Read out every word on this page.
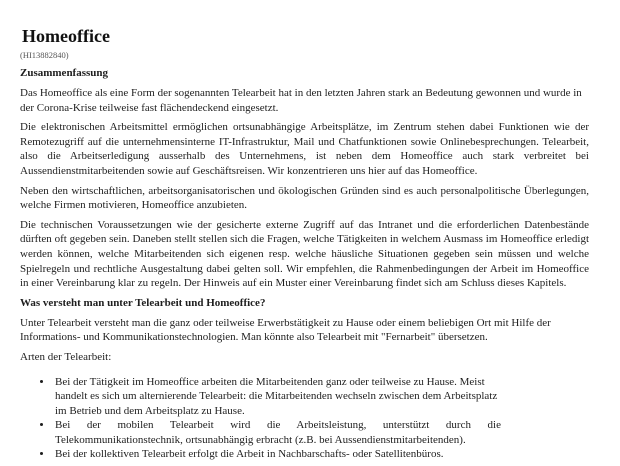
Homeoffice
(HI13882840)
Zusammenfassung

Das Homeoffice als eine Form der sogenannten Telearbeit hat in den letzten Jahren stark an Bedeutung gewonnen und wurde in der Corona-Krise teilweise fast flächendeckend eingesetzt.

Die elektronischen Arbeitsmittel ermöglichen ortsunabhängige Arbeitsplätze, im Zentrum stehen dabei Funktionen wie der Remotezugriff auf die unternehmensinterne IT-Infrastruktur, Mail und Chatfunktionen sowie Onlinebesprechungen. Telearbeit, also die Arbeitserledigung ausserhalb des Unternehmens, ist neben dem Homeoffice auch stark verbreitet bei Aussendienstmitarbeitenden sowie auf Geschäftsreisen. Wir konzentrieren uns hier auf das Homeoffice.

Neben den wirtschaftlichen, arbeitsorganisatorischen und ökologischen Gründen sind es auch personalpolitische Überlegungen, welche Firmen motivieren, Homeoffice anzubieten.

Die technischen Voraussetzungen wie der gesicherte externe Zugriff auf das Intranet und die erforderlichen Datenbestände dürften oft gegeben sein. Daneben stellt stellen sich die Fragen, welche Tätigkeiten in welchem Ausmass im Homeoffice erledigt werden können, welche Mitarbeitenden sich eigenen resp. welche häusliche Situationen gegeben sein müssen und welche Spielregeln und rechtliche Ausgestaltung dabei gelten soll. Wir empfehlen, die Rahmenbedingungen der Arbeit im Homeoffice in einer Vereinbarung klar zu regeln. Der Hinweis auf ein Muster einer Vereinbarung findet sich am Schluss dieses Kapitels.

Was versteht man unter Telearbeit und Homeoffice?

Unter Telearbeit versteht man die ganz oder teilweise Erwerbstätigkeit zu Hause oder einem beliebigen Ort mit Hilfe der Informations- und Kommunikationstechnologien. Man könnte also Telearbeit mit "Fernarbeit" übersetzen.

Arten der Telearbeit:

• Bei der Tätigkeit im Homeoffice arbeiten die Mitarbeitenden ganz oder teilweise zu Hause. Meist handelt es sich um alternierende Telearbeit: die Mitarbeitenden wechseln zwischen dem Arbeitsplatz im Betrieb und dem Arbeitsplatz zu Hause.
• Bei der mobilen Telearbeit wird die Arbeitsleistung, unterstützt durch die Telekommunikationstechnik, ortsunabhängig erbracht (z.B. bei Aussendienstmitarbeitenden).
• Bei der kollektiven Telearbeit erfolgt die Arbeit in Nachbarschafts- oder Satellitenbüros.
